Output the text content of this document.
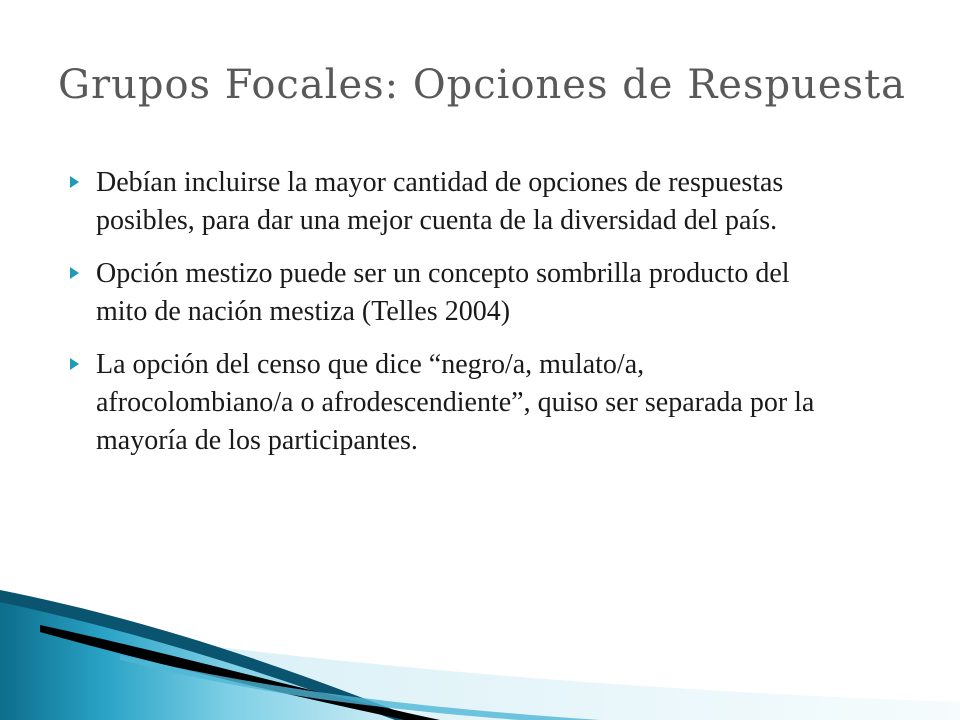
Grupos Focales: Opciones de Respuesta
Debían incluirse la mayor cantidad de opciones de respuestas posibles, para dar una mejor cuenta de la diversidad del país.
Opción mestizo puede ser un concepto sombrilla producto del mito de nación mestiza (Telles 2004)
La opción del censo que dice “negro/a, mulato/a, afrocolombiano/a o afrodescendiente”, quiso ser separada por la mayoría de los participantes.
